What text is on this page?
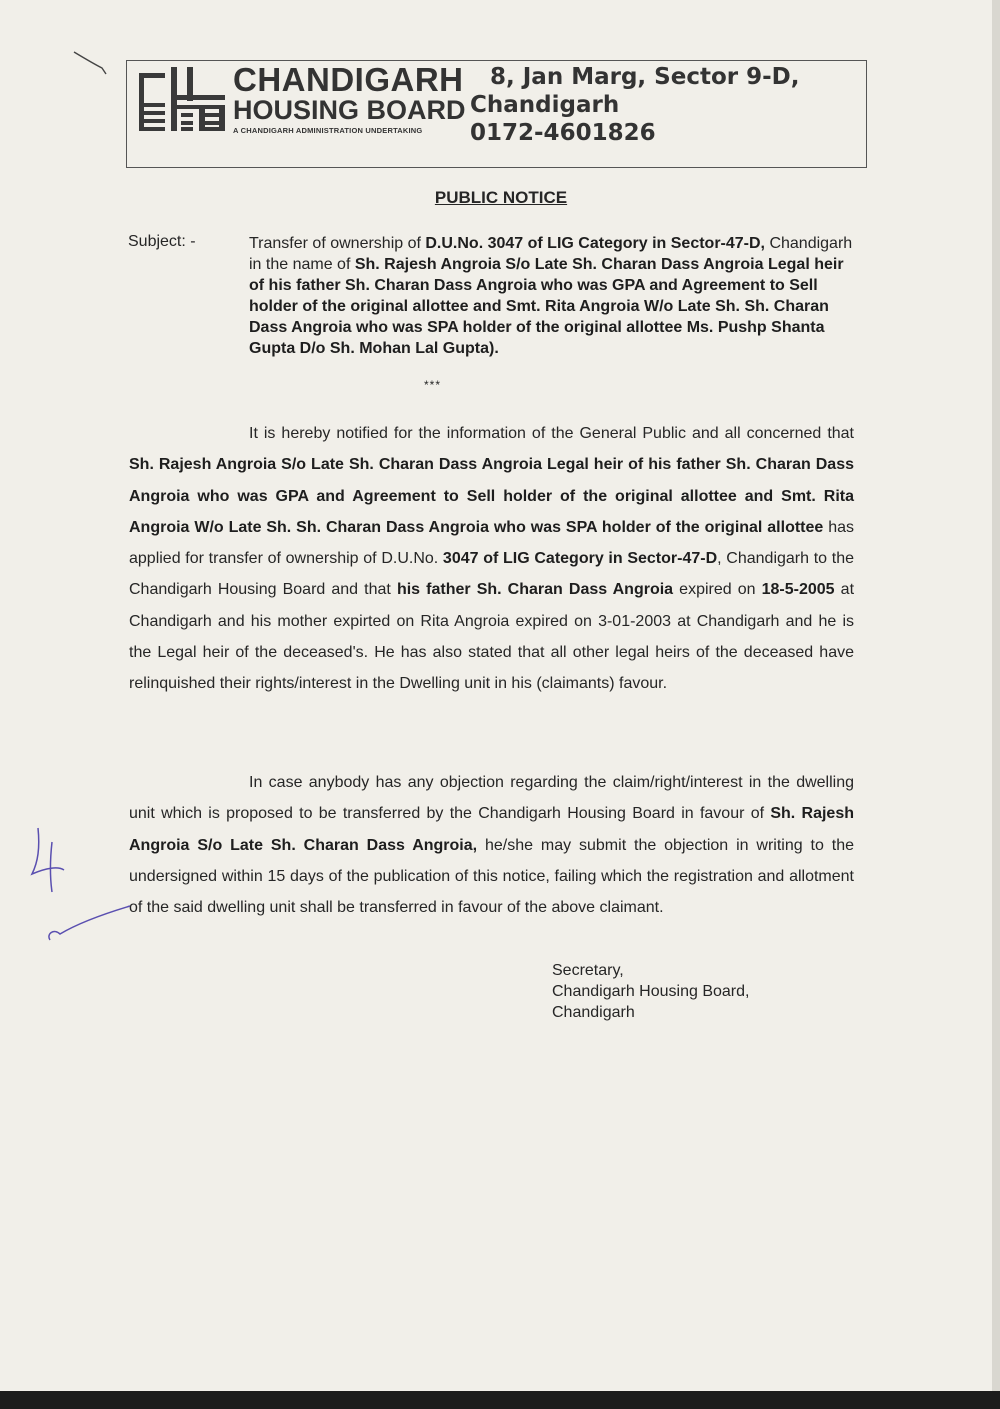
CHANDIGARH
HOUSING BOARD
A CHANDIGARH ADMINISTRATION UNDERTAKING
8, Jan Marg, Sector 9-D,
Chandigarh
0172-4601826
PUBLIC NOTICE
Subject: -	Transfer of ownership of D.U.No. 3047 of LIG Category in Sector-47-D, Chandigarh in the name of Sh. Rajesh Angroia S/o Late Sh. Charan Dass Angroia Legal heir of his father Sh. Charan Dass Angroia who was GPA and Agreement to Sell holder of the original allottee and Smt. Rita Angroia W/o Late Sh. Sh. Charan Dass Angroia who was SPA holder of the original allottee Ms. Pushp Shanta Gupta D/o Sh. Mohan Lal Gupta).
***
It is hereby notified for the information of the General Public and all concerned that Sh. Rajesh Angroia S/o Late Sh. Charan Dass Angroia Legal heir of his father Sh. Charan Dass Angroia who was GPA and Agreement to Sell holder of the original allottee and Smt. Rita Angroia W/o Late Sh. Sh. Charan Dass Angroia who was SPA holder of the original allottee has applied for transfer of ownership of D.U.No. 3047 of LIG Category in Sector-47-D, Chandigarh to the Chandigarh Housing Board and that his father Sh. Charan Dass Angroia expired on 18-5-2005 at Chandigarh and his mother expirted on Rita Angroia expired on 3-01-2003 at Chandigarh and he is the Legal heir of the deceased's. He has also stated that all other legal heirs of the deceased have relinquished their rights/interest in the Dwelling unit in his (claimants) favour.
In case anybody has any objection regarding the claim/right/interest in the dwelling unit which is proposed to be transferred by the Chandigarh Housing Board in favour of Sh. Rajesh Angroia S/o Late Sh. Charan Dass Angroia, he/she may submit the objection in writing to the undersigned within 15 days of the publication of this notice, failing which the registration and allotment of the said dwelling unit shall be transferred in favour of the above claimant.
Secretary,
Chandigarh Housing Board,
Chandigarh
